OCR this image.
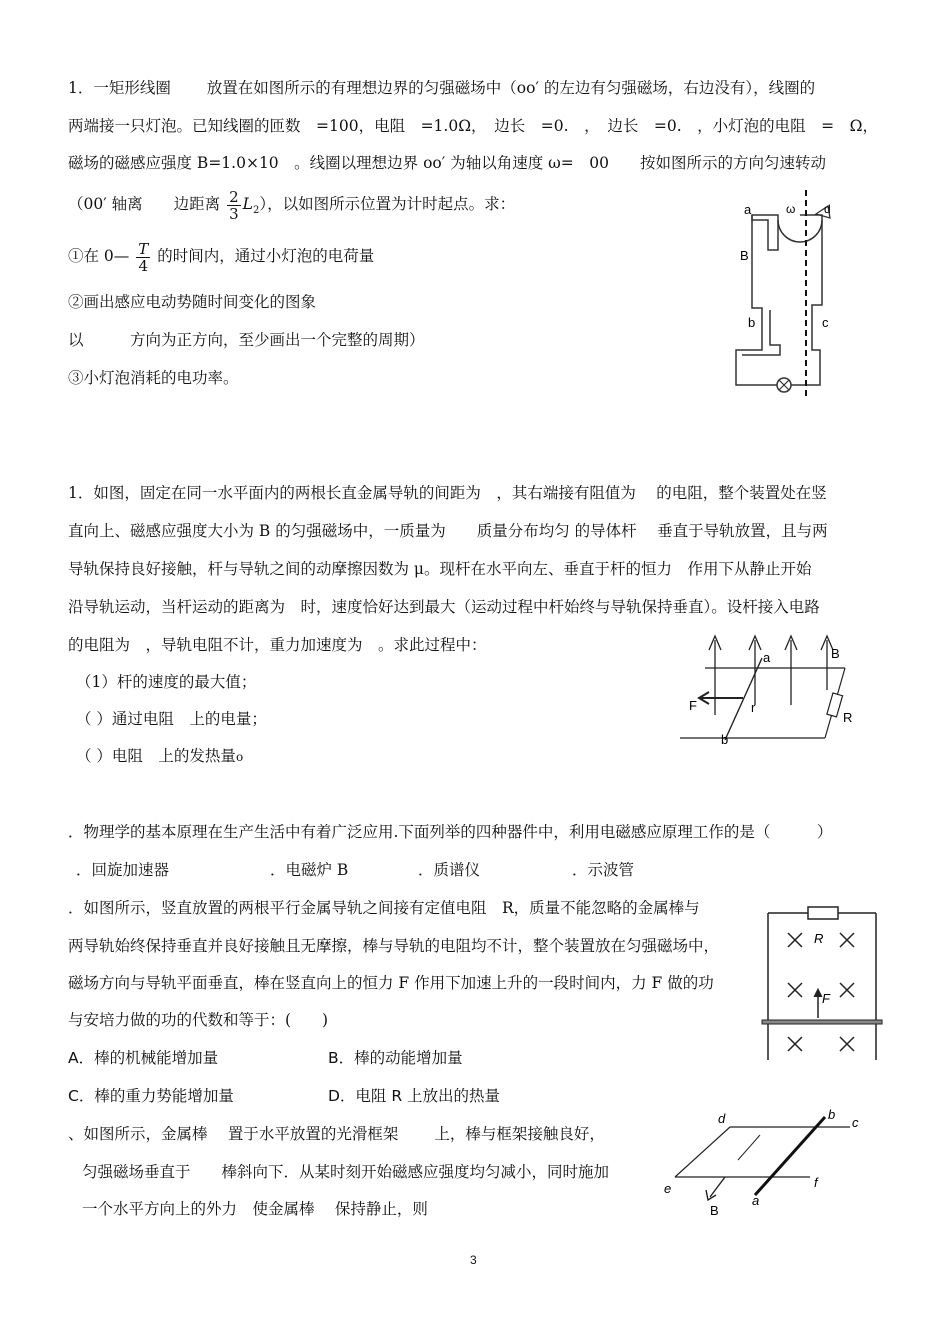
1．一矩形线圈　　 放置在如图所示的有理想边界的匀强磁场中（oo′ 的左边有匀强磁场，右边没有），线圈的
两端接一只灯泡。已知线圈的匝数　=100，电阻　=1.0Ω，　边长　=0.　，　边长　=0.　，小灯泡的电阻　=　Ω，
磁场的磁感应强度 B=1.0×10　。线圈以理想边界 oo′ 为轴以角速度 ω=　00　　按如图所示的方向匀速转动
（00′ 轴离　　边距离 $\frac{2}{3} L_2$），以如图所示位置为计时起点。求：
①在 0— $\frac{T}{4}$ 的时间内，通过小灯泡的电荷量
②画出感应电动势随时间变化的图象
以　　　方向为正方向，至少画出一个完整的周期）
③小灯泡消耗的电功率。
a
B
b	c
ω d
1．如图，固定在同一水平面内的两根长直金属导轨的间距为　，其右端接有阻值为　 的电阻，整个装置处在竖
直向上、磁感应强度大小为 B 的匀强磁场中，一质量为　　质量分布均匀 的导体杆　 垂直于导轨放置，且与两
导轨保持良好接触，杆与导轨之间的动摩擦因数为 μ。现杆在水平向左、垂直于杆的恒力　作用下从静止开始
沿导轨运动，当杆运动的距离为　时，速度恰好达到最大（运动过程中杆始终与导轨保持垂直）。设杆接入电路
的电阻为　，导轨电阻不计，重力加速度为　。求此过程中：
（1）杆的速度的最大值；
（ ）通过电阻　上的电量；
（ ）电阻　上的发热量o
a	B
F	r
R
b
．物理学的基本原理在生产生活中有着广泛应用.下面列举的四种器件中，利用电磁感应原理工作的是（　　　）
．回旋加速器	．电磁炉 B	．质谱仪	．示波管
．如图所示，竖直放置的两根平行金属导轨之间接有定值电阻　R，质量不能忽略的金属棒与
两导轨始终保持垂直并良好接触且无摩擦，棒与导轨的电阻均不计，整个装置放在匀强磁场中，
磁场方向与导轨平面垂直，棒在竖直向上的恒力 F 作用下加速上升的一段时间内，力 F 做的功
与安培力做的功的代数和等于：(　　)
A．棒的机械能增加量	B．棒的动能增加量
C．棒的重力势能增加量	D．电阻 R 上放出的热量
R
F
、如图所示，金属棒　 置于水平放置的光滑框架　　 上，棒与框架接触良好，
匀强磁场垂直于　　棒斜向下．从某时刻开始磁感应强度均匀减小，同时施加
一个水平方向上的外力　使金属棒　 保持静止，则
d	b
c
e
a
f
B
3
